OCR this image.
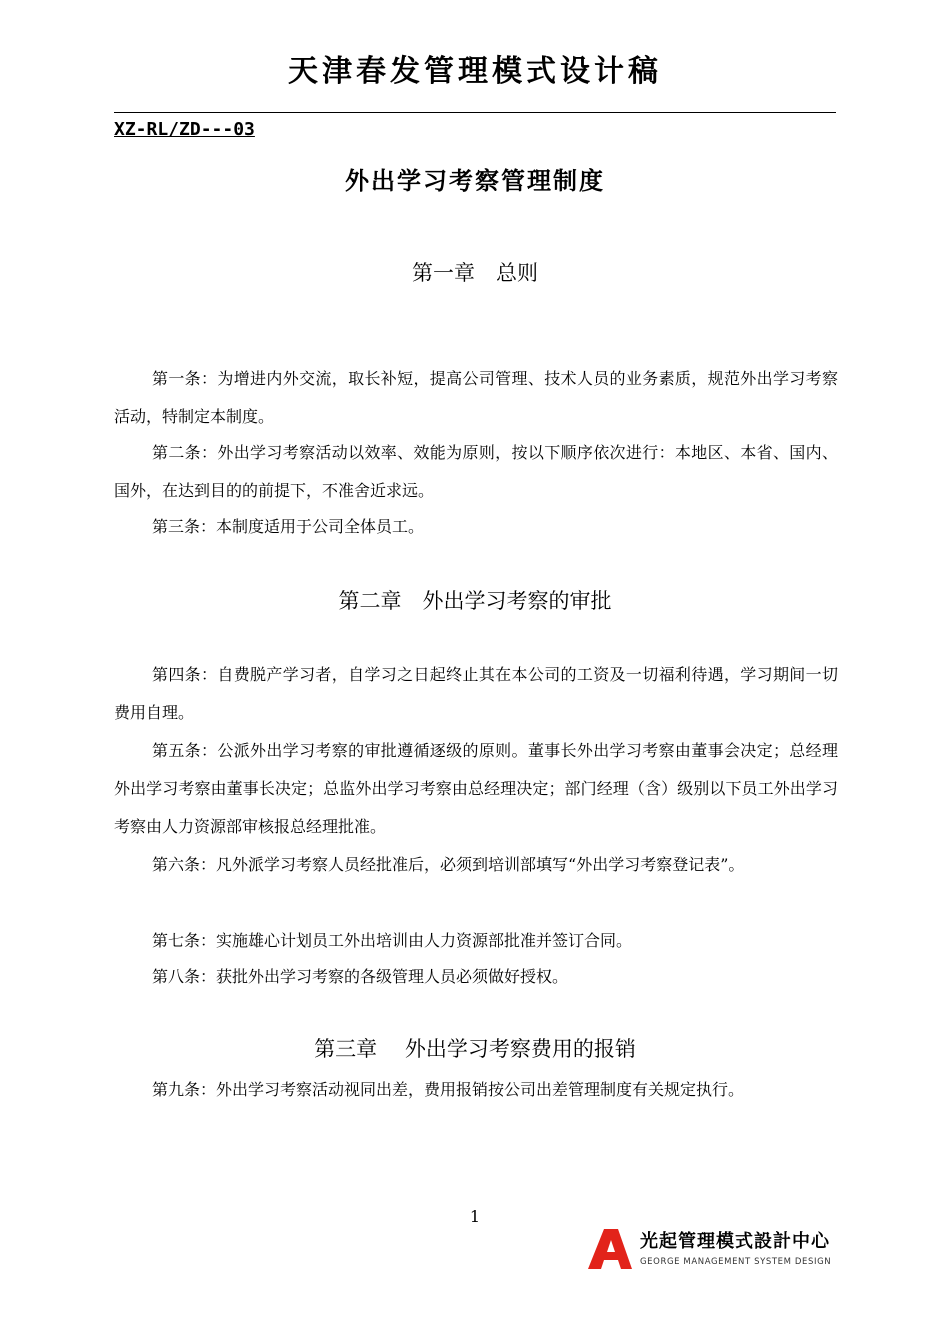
天津春发管理模式设计稿
XZ-RL/ZD---03
外出学习考察管理制度
第一章　总则
第一条：为增进内外交流，取长补短，提高公司管理、技术人员的业务素质，规范外出学习考察活动，特制定本制度。
第二条：外出学习考察活动以效率、效能为原则，按以下顺序依次进行：本地区、本省、国内、国外，在达到目的的前提下，不准舍近求远。
第三条：本制度适用于公司全体员工。
第二章　外出学习考察的审批
第四条：自费脱产学习者，自学习之日起终止其在本公司的工资及一切福利待遇，学习期间一切费用自理。
第五条：公派外出学习考察的审批遵循逐级的原则。董事长外出学习考察由董事会决定；总经理外出学习考察由董事长决定；总监外出学习考察由总经理决定；部门经理（含）级别以下员工外出学习考察由人力资源部审核报总经理批准。
第六条：凡外派学习考察人员经批准后，必须到培训部填写“外出学习考察登记表”。
第七条：实施雄心计划员工外出培训由人力资源部批准并签订合同。
第八条：获批外出学习考察的各级管理人员必须做好授权。
第三章　 外出学习考察费用的报销
第九条：外出学习考察活动视同出差，费用报销按公司出差管理制度有关规定执行。
1
光起管理模式設計中心
GEORGE MANAGEMENT SYSTEM DESIGN
